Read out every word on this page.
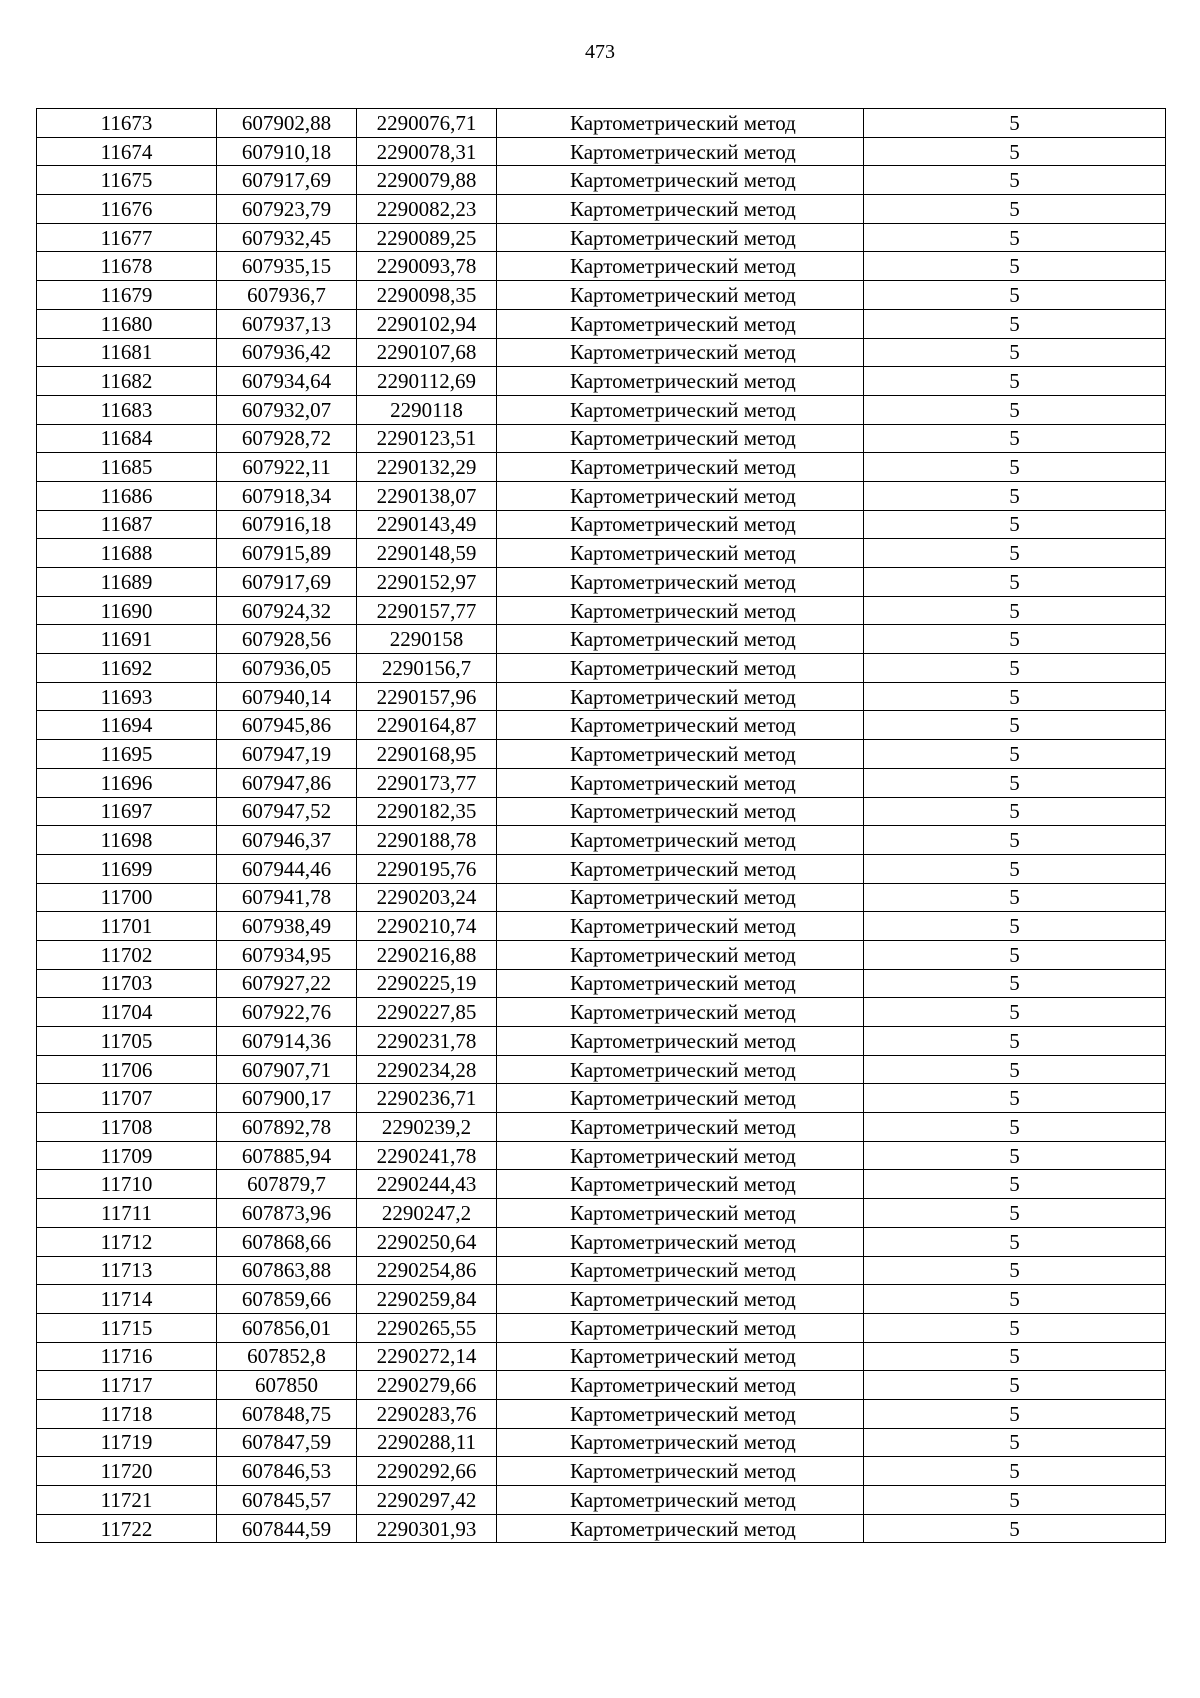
473
11673	607902,88	2290076,71	Картометрический метод	5
11674	607910,18	2290078,31	Картометрический метод	5
11675	607917,69	2290079,88	Картометрический метод	5
11676	607923,79	2290082,23	Картометрический метод	5
11677	607932,45	2290089,25	Картометрический метод	5
11678	607935,15	2290093,78	Картометрический метод	5
11679	607936,7	2290098,35	Картометрический метод	5
11680	607937,13	2290102,94	Картометрический метод	5
11681	607936,42	2290107,68	Картометрический метод	5
11682	607934,64	2290112,69	Картометрический метод	5
11683	607932,07	2290118	Картометрический метод	5
11684	607928,72	2290123,51	Картометрический метод	5
11685	607922,11	2290132,29	Картометрический метод	5
11686	607918,34	2290138,07	Картометрический метод	5
11687	607916,18	2290143,49	Картометрический метод	5
11688	607915,89	2290148,59	Картометрический метод	5
11689	607917,69	2290152,97	Картометрический метод	5
11690	607924,32	2290157,77	Картометрический метод	5
11691	607928,56	2290158	Картометрический метод	5
11692	607936,05	2290156,7	Картометрический метод	5
11693	607940,14	2290157,96	Картометрический метод	5
11694	607945,86	2290164,87	Картометрический метод	5
11695	607947,19	2290168,95	Картометрический метод	5
11696	607947,86	2290173,77	Картометрический метод	5
11697	607947,52	2290182,35	Картометрический метод	5
11698	607946,37	2290188,78	Картометрический метод	5
11699	607944,46	2290195,76	Картометрический метод	5
11700	607941,78	2290203,24	Картометрический метод	5
11701	607938,49	2290210,74	Картометрический метод	5
11702	607934,95	2290216,88	Картометрический метод	5
11703	607927,22	2290225,19	Картометрический метод	5
11704	607922,76	2290227,85	Картометрический метод	5
11705	607914,36	2290231,78	Картометрический метод	5
11706	607907,71	2290234,28	Картометрический метод	5
11707	607900,17	2290236,71	Картометрический метод	5
11708	607892,78	2290239,2	Картометрический метод	5
11709	607885,94	2290241,78	Картометрический метод	5
11710	607879,7	2290244,43	Картометрический метод	5
11711	607873,96	2290247,2	Картометрический метод	5
11712	607868,66	2290250,64	Картометрический метод	5
11713	607863,88	2290254,86	Картометрический метод	5
11714	607859,66	2290259,84	Картометрический метод	5
11715	607856,01	2290265,55	Картометрический метод	5
11716	607852,8	2290272,14	Картометрический метод	5
11717	607850	2290279,66	Картометрический метод	5
11718	607848,75	2290283,76	Картометрический метод	5
11719	607847,59	2290288,11	Картометрический метод	5
11720	607846,53	2290292,66	Картометрический метод	5
11721	607845,57	2290297,42	Картометрический метод	5
11722	607844,59	2290301,93	Картометрический метод	5
